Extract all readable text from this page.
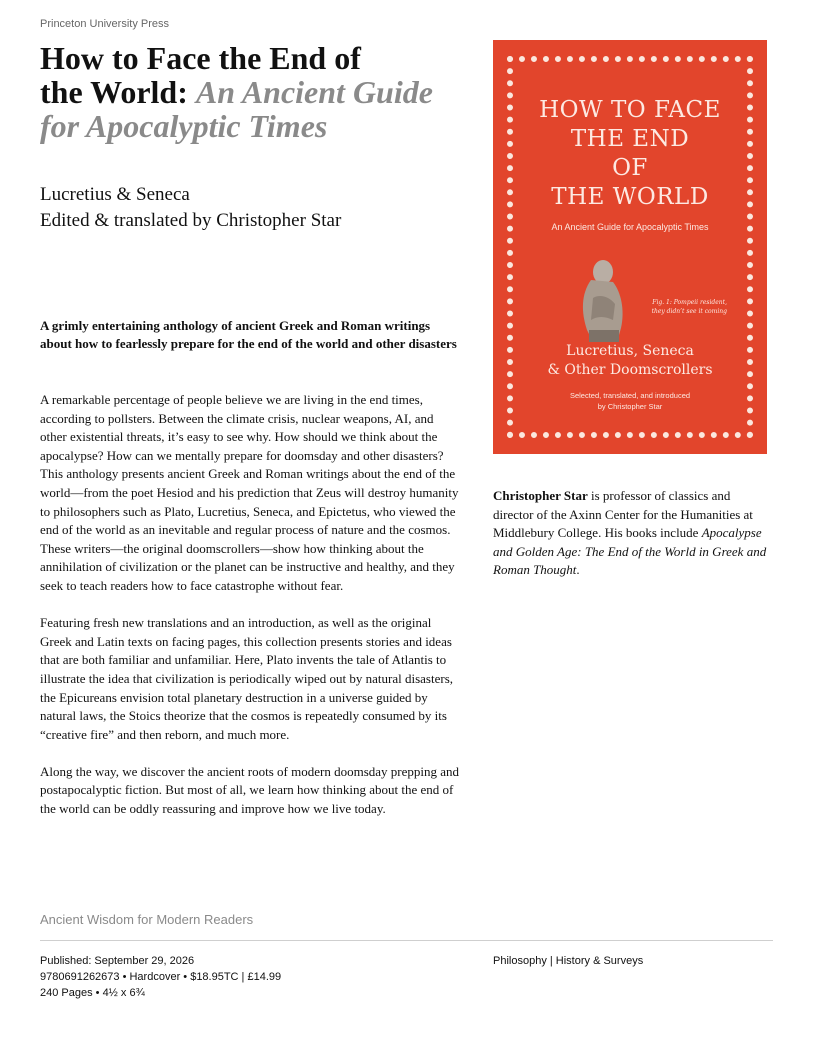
Princeton University Press
How to Face the End of
the World: An Ancient Guide
for Apocalyptic Times
Lucretius & Seneca
Edited & translated by Christopher Star
A grimly entertaining anthology of ancient Greek and Roman writings about how to fearlessly prepare for the end of the world and other disasters

A remarkable percentage of people believe we are living in the end times, according to pollsters. Between the climate crisis, nuclear weapons, AI, and other existential threats, it’s easy to see why. How should we think about the apocalypse? How can we mentally prepare for doomsday and other disasters? This anthology presents ancient Greek and Roman writings about the end of the world—from the poet Hesiod and his prediction that Zeus will destroy humanity to philosophers such as Plato, Lucretius, Seneca, and Epictetus, who viewed the end of the world as an inevitable and regular process of nature and the cosmos. These writers—the original doomscrollers—show how thinking about the annihilation of civilization or the planet can be instructive and healthy, and they seek to teach readers how to face catastrophe without fear.

Featuring fresh new translations and an introduction, as well as the original Greek and Latin texts on facing pages, this collection presents stories and ideas that are both familiar and unfamiliar. Here, Plato invents the tale of Atlantis to illustrate the idea that civilization is periodically wiped out by natural disasters, the Epicureans envision total planetary destruction in a universe guided by natural laws, the Stoics theorize that the cosmos is repeatedly consumed by its “creative fire” and then reborn, and much more.

Along the way, we discover the ancient roots of modern doomsday prepping and postapocalyptic fiction. But most of all, we learn how thinking about the end of the world can be oddly reassuring and improve how we live today.

Ancient Wisdom for Modern Readers
Published: September 29, 2026
9780691262673 • Hardcover • $18.95TC | £14.99
240 Pages • 4½ x 6¾
Philosophy | History & Surveys
Christopher Star is professor of classics and director of the Axinn Center for the Humanities at Middlebury College. His books include Apocalypse and Golden Age: The End of the World in Greek and Roman Thought.
HOW TO FACE
THE END
OF
THE WORLD
An Ancient Guide for Apocalyptic Times
Fig. 1: Pompeii resident,
they didn’t see it coming
Lucretius, Seneca
& Other Doomscrollers
Selected, translated, and introduced
by Christopher Star
